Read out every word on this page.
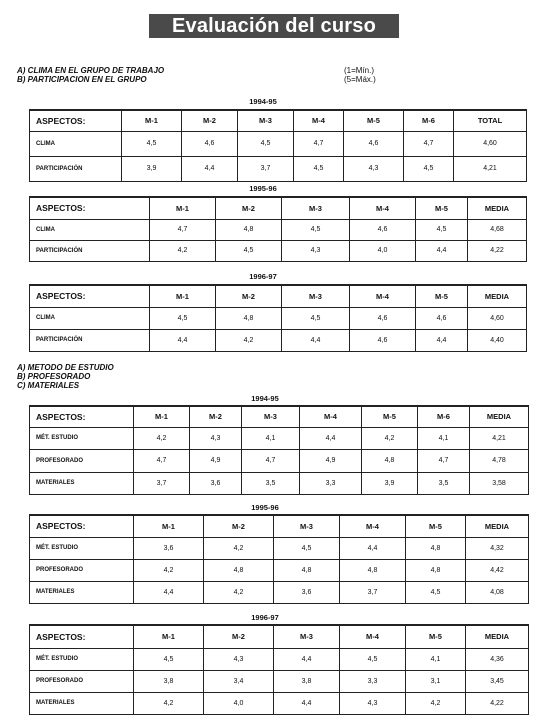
Evaluación del curso
A) CLIMA EN EL GRUPO DE TRABAJO
B) PARTICIPACION EN EL GRUPO
(1=Mín.)
(5=Máx.)
1994-95
ASPECTOS:	M-1	M-2	M-3	M-4	M-5	M-6	TOTAL
CLIMA	4,5	4,6	4,5	4,7	4,6	4,7	4,60
PARTICIPACIÓN	3,9	4,4	3,7	4,5	4,3	4,5	4,21
1995-96
ASPECTOS:	M-1	M-2	M-3	M-4	M-5	MEDIA
CLIMA	4,7	4,8	4,5	4,6	4,5	4,68
PARTICIPACIÓN	4,2	4,5	4,3	4,0	4,4	4,22
1996-97
ASPECTOS:	M-1	M-2	M-3	M-4	M-5	MEDIA
CLIMA	4,5	4,8	4,5	4,6	4,6	4,60
PARTICIPACIÓN	4,4	4,2	4,4	4,6	4,4	4,40
A) METODO DE ESTUDIO
B) PROFESORADO
C) MATERIALES
1994-95
ASPECTOS:	M-1	M-2	M-3	M-4	M-5	M-6	MEDIA
MÉT. ESTUDIO	4,2	4,3	4,1	4,4	4,2	4,1	4,21
PROFESORADO	4,7	4,9	4,7	4,9	4,8	4,7	4,78
MATERIALES	3,7	3,6	3,5	3,3	3,9	3,5	3,58
1995-96
ASPECTOS:	M-1	M-2	M-3	M-4	M-5	MEDIA
MÉT. ESTUDIO	3,6	4,2	4,5	4,4	4,8	4,32
PROFESORADO	4,2	4,8	4,8	4,8	4,8	4,42
MATERIALES	4,4	4,2	3,6	3,7	4,5	4,08
1996-97
ASPECTOS:	M-1	M-2	M-3	M-4	M-5	MEDIA
MÉT. ESTUDIO	4,5	4,3	4,4	4,5	4,1	4,36
PROFESORADO	3,8	3,4	3,8	3,3	3,1	3,45
MATERIALES	4,2	4,0	4,4	4,3	4,2	4,22
